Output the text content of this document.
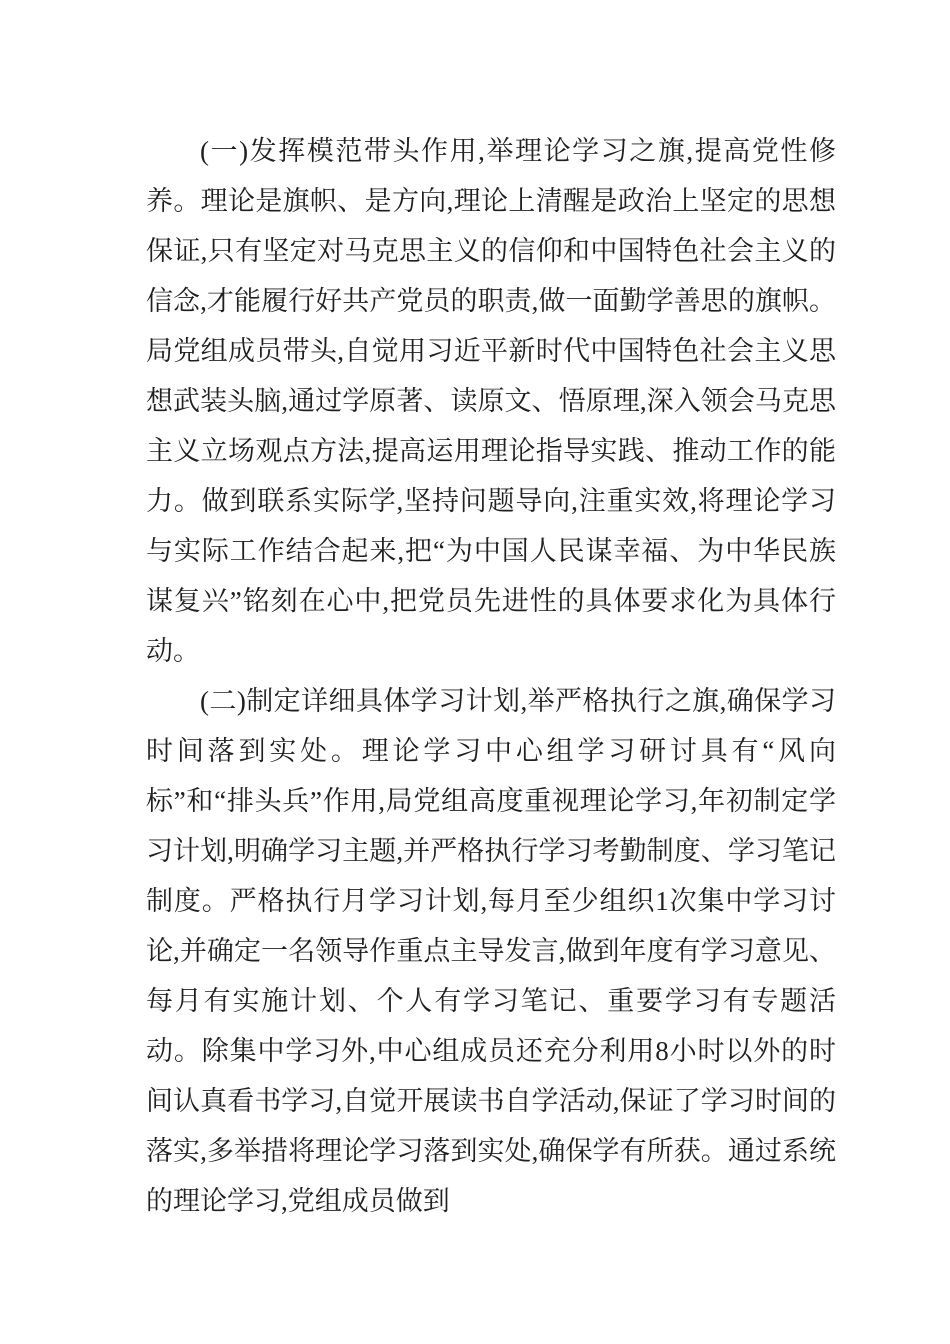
(一)发挥模范带头作用,举理论学习之旗,提高党性修养。理论是旗帜、是方向,理论上清醒是政治上坚定的思想保证,只有坚定对马克思主义的信仰和中国特色社会主义的信念,才能履行好共产党员的职责,做一面勤学善思的旗帜。局党组成员带头,自觉用习近平新时代中国特色社会主义思想武装头脑,通过学原著、读原文、悟原理,深入领会马克思主义立场观点方法,提高运用理论指导实践、推动工作的能力。做到联系实际学,坚持问题导向,注重实效,将理论学习与实际工作结合起来,把“为中国人民谋幸福、为中华民族谋复兴”铭刻在心中,把党员先进性的具体要求化为具体行动。

(二)制定详细具体学习计划,举严格执行之旗,确保学习时间落到实处。理论学习中心组学习研讨具有“风向标”和“排头兵”作用,局党组高度重视理论学习,年初制定学习计划,明确学习主题,并严格执行学习考勤制度、学习笔记制度。严格执行月学习计划,每月至少组织1次集中学习讨论,并确定一名领导作重点主导发言,做到年度有学习意见、每月有实施计划、个人有学习笔记、重要学习有专题活动。除集中学习外,中心组成员还充分利用8小时以外的时间认真看书学习,自觉开展读书自学活动,保证了学习时间的落实,多举措将理论学习落到实处,确保学有所获。通过系统的理论学习,党组成员做到
